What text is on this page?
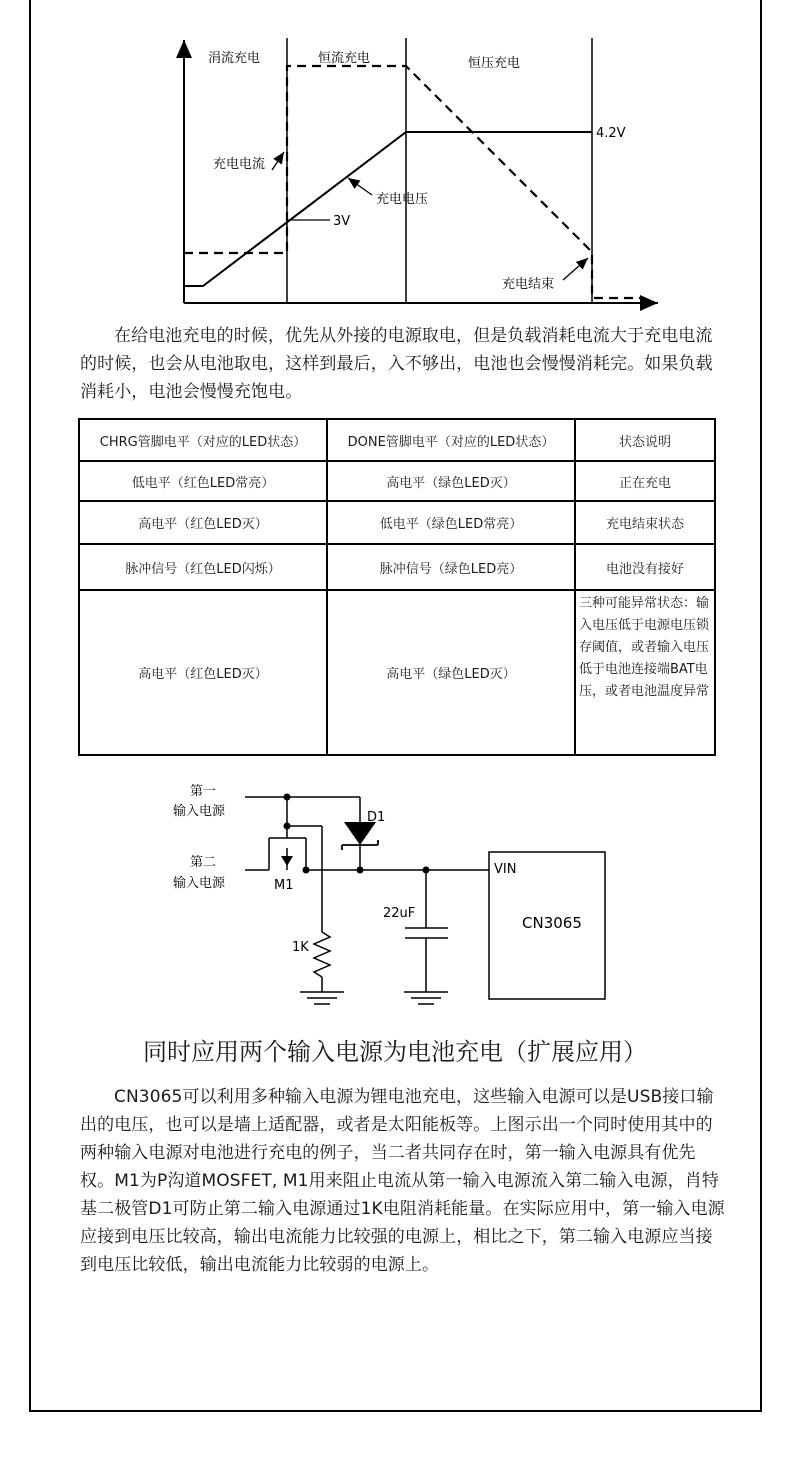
涓流充电	恒流充电	恒压充电
充电电流
充电电压
3V
4.2V
充电结束

在给电池充电的时候，优先从外接的电源取电，但是负载消耗电流大于充电电流的时候，也会从电池取电，这样到最后，入不够出，电池也会慢慢消耗完。如果负载消耗小，电池会慢慢充饱电。

CHRG管脚电平（对应的LED状态）	DONE管脚电平（对应的LED状态）	状态说明
低电平（红色LED常亮）	高电平（绿色LED灭）	正在充电
高电平（红色LED灭）	低电平（绿色LED常亮）	充电结束状态
脉冲信号（红色LED闪烁）	脉冲信号（绿色LED亮）	电池没有接好
高电平（红色LED灭）	高电平（绿色LED灭）	三种可能异常状态：输入电压低于电源电压锁存阈值，或者输入电压低于电池连接端BAT电压，或者电池温度异常
第一
输入电源
第二
输入电源
D1
M1
1K
22uF
VIN
CN3065
同时应用两个输入电源为电池充电（扩展应用）

CN3065可以利用多种输入电源为锂电池充电，这些输入电源可以是USB接口输出的电压，也可以是墙上适配器，或者是太阳能板等。上图示出一个同时使用其中的两种输入电源对电池进行充电的例子，当二者共同存在时，第一输入电源具有优先权。M1为P沟道MOSFET, M1用来阻止电流从第一输入电源流入第二输入电源，肖特基二极管D1可防止第二输入电源通过1K电阻消耗能量。在实际应用中，第一输入电源应接到电压比较高，输出电流能力比较强的电源上，相比之下，第二输入电源应当接到电压比较低，输出电流能力比较弱的电源上。
